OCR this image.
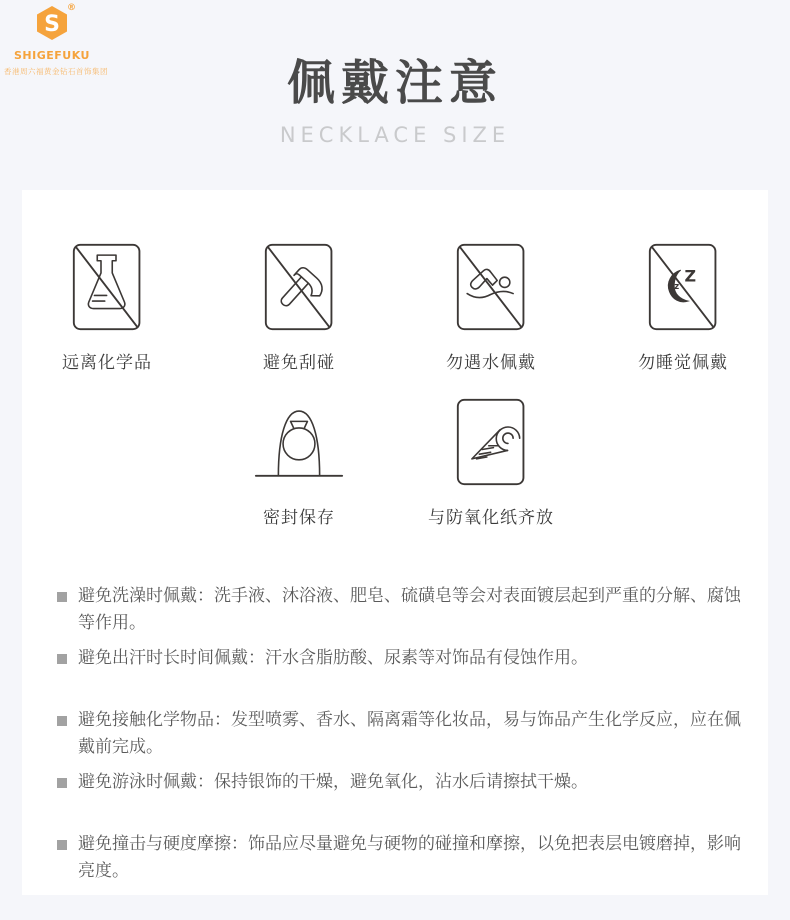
S
®
SHIGEFUKU
香港周六福黄金钻石首饰集团	佩戴注意
NECKLACE SIZE
远离化学品	避免刮碰	勿遇水佩戴
Z
z
勿睡觉佩戴
密封保存	与防氧化纸齐放
避免洗澡时佩戴：洗手液、沐浴液、肥皂、硫磺皂等会对表面镀层起到严重的分解、腐蚀等作用。
避免出汗时长时间佩戴：汗水含脂肪酸、尿素等对饰品有侵蚀作用。
避免接触化学物品：发型喷雾、香水、隔离霜等化妆品，易与饰品产生化学反应，应在佩戴前完成。
避免游泳时佩戴：保持银饰的干燥，避免氧化，沾水后请擦拭干燥。
避免撞击与硬度摩擦：饰品应尽量避免与硬物的碰撞和摩擦，以免把表层电镀磨掉，影响亮度。
